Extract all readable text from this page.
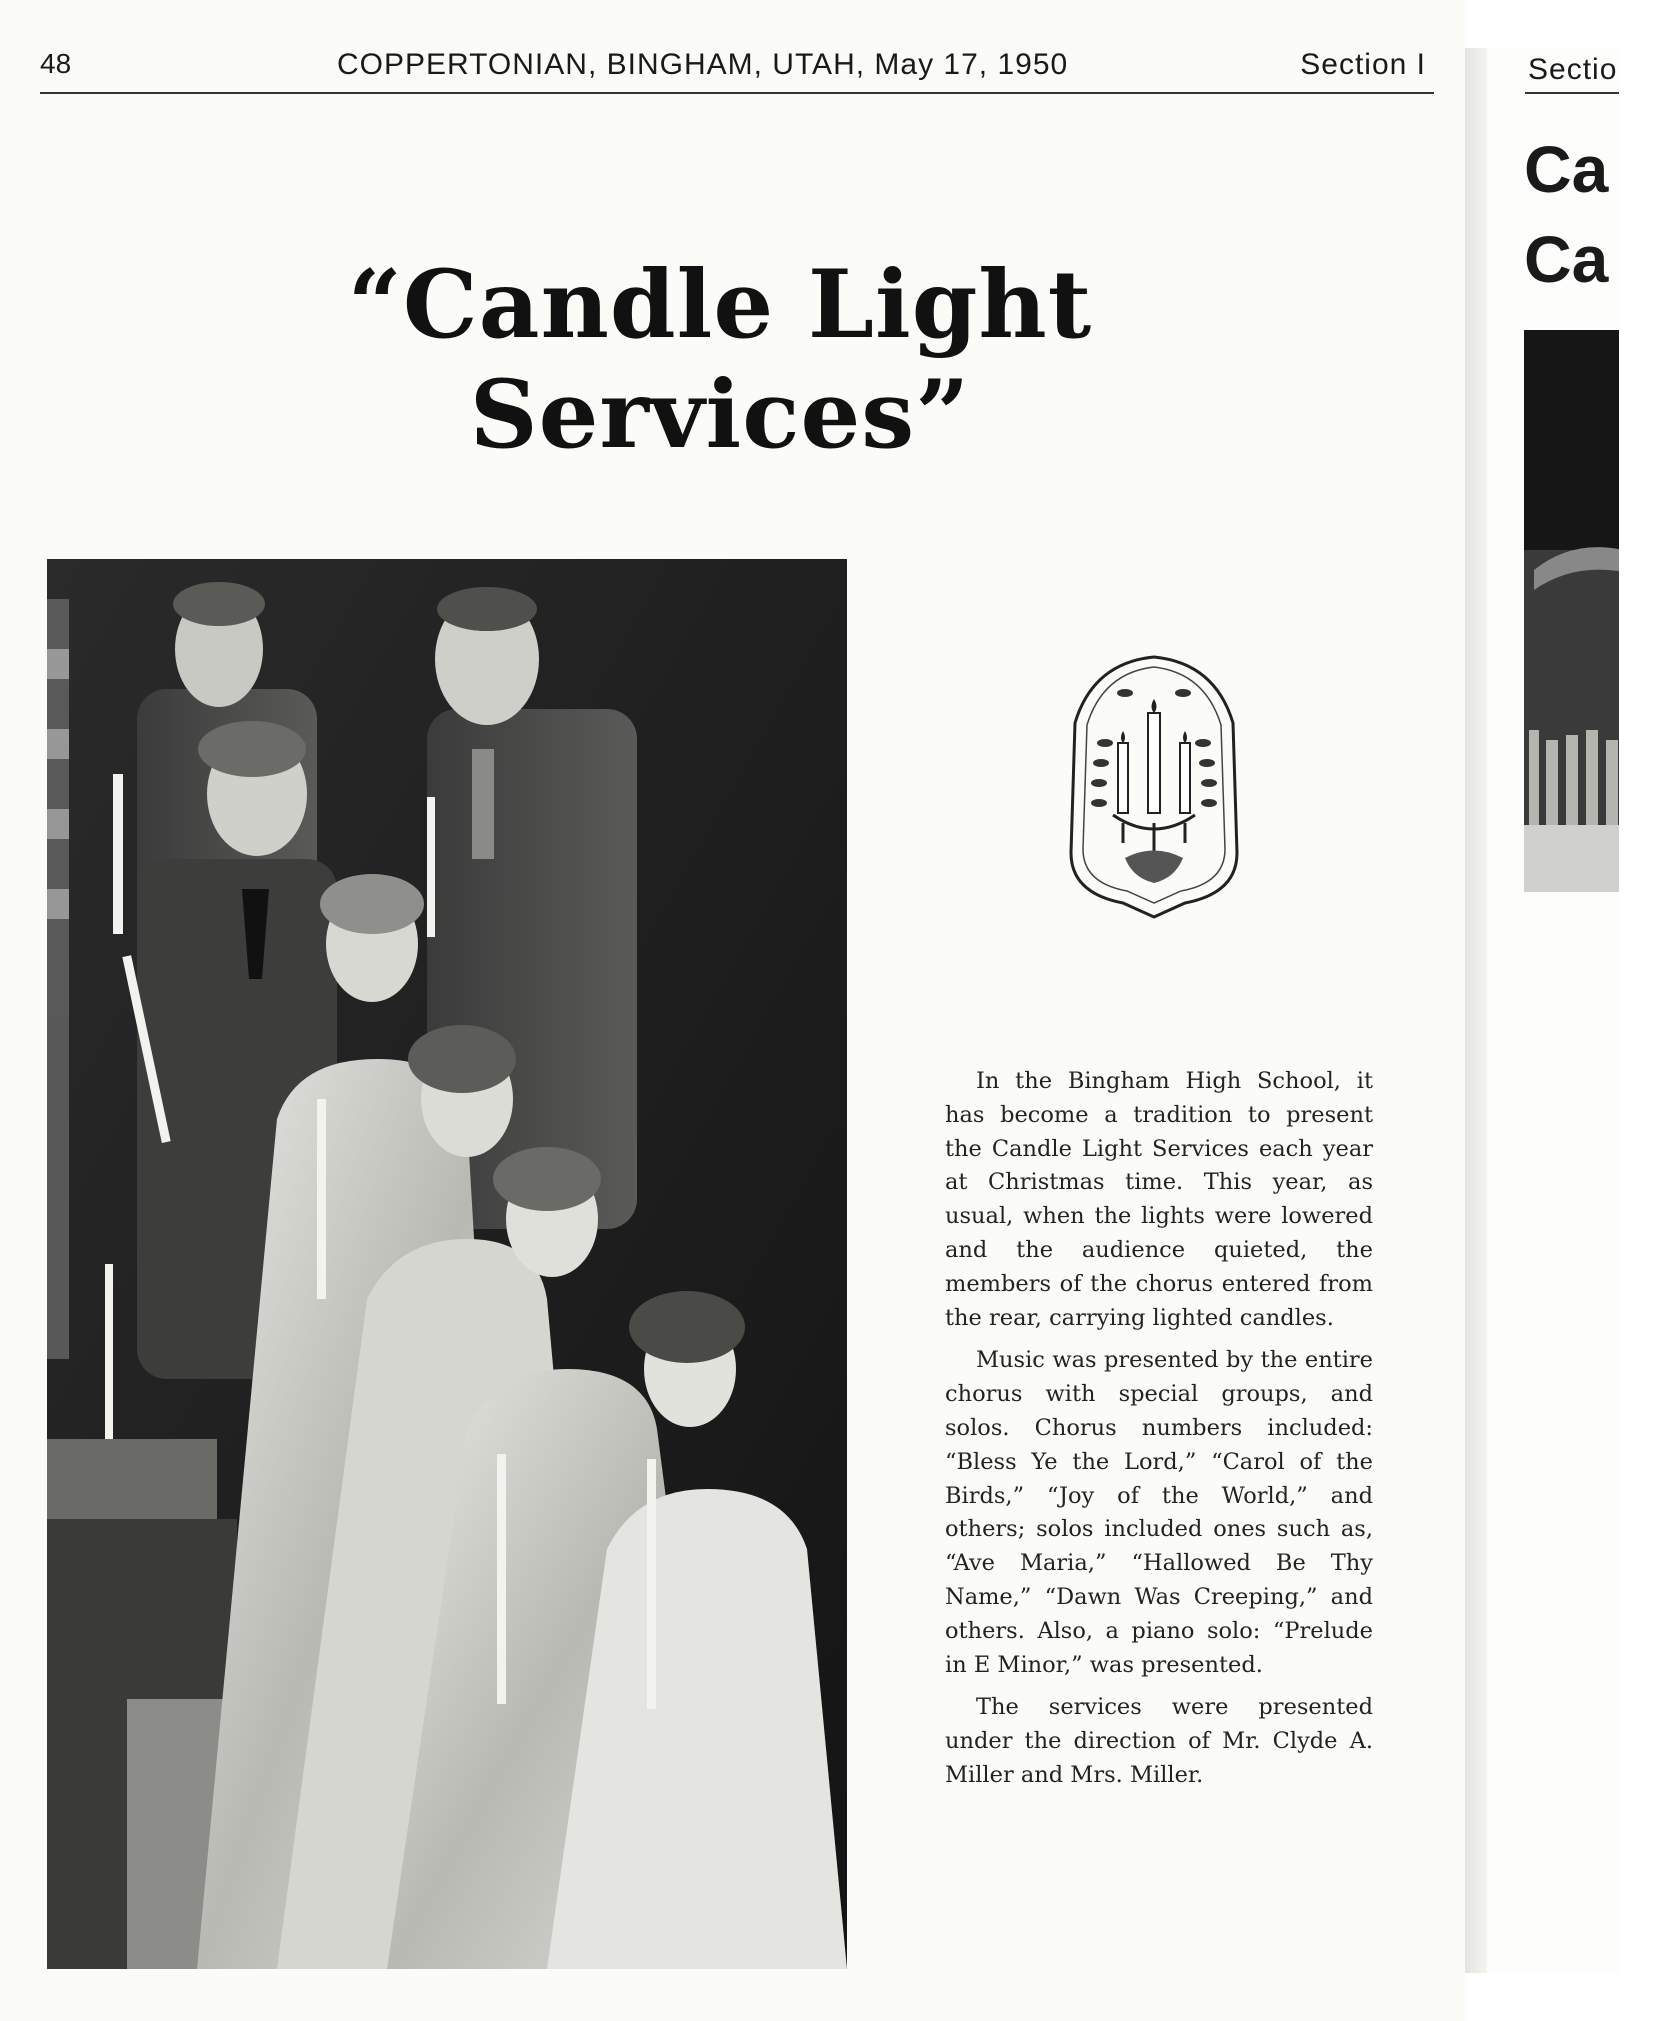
48	COPPERTONIAN, BINGHAM, UTAH, May 17, 1950	Section I
“Candle Light Services”

In the Bingham High School, it has become a tradition to present the Candle Light Services each year at Christmas time. This year, as usual, when the lights were lowered and the audience quieted, the members of the chorus entered from the rear, carrying lighted candles.

Music was presented by the entire chorus with special groups, and solos. Chorus numbers included: “Bless Ye the Lord,” “Carol of the Birds,” “Joy of the World,” and others; solos included ones such as, “Ave Maria,” “Hallowed Be Thy Name,” “Dawn Was Creeping,” and others. Also, a piano solo: “Prelude in E Minor,” was presented.

The services were presented under the direction of Mr. Clyde A. Miller and Mrs. Miller.

Sectio
Ca
Ca
